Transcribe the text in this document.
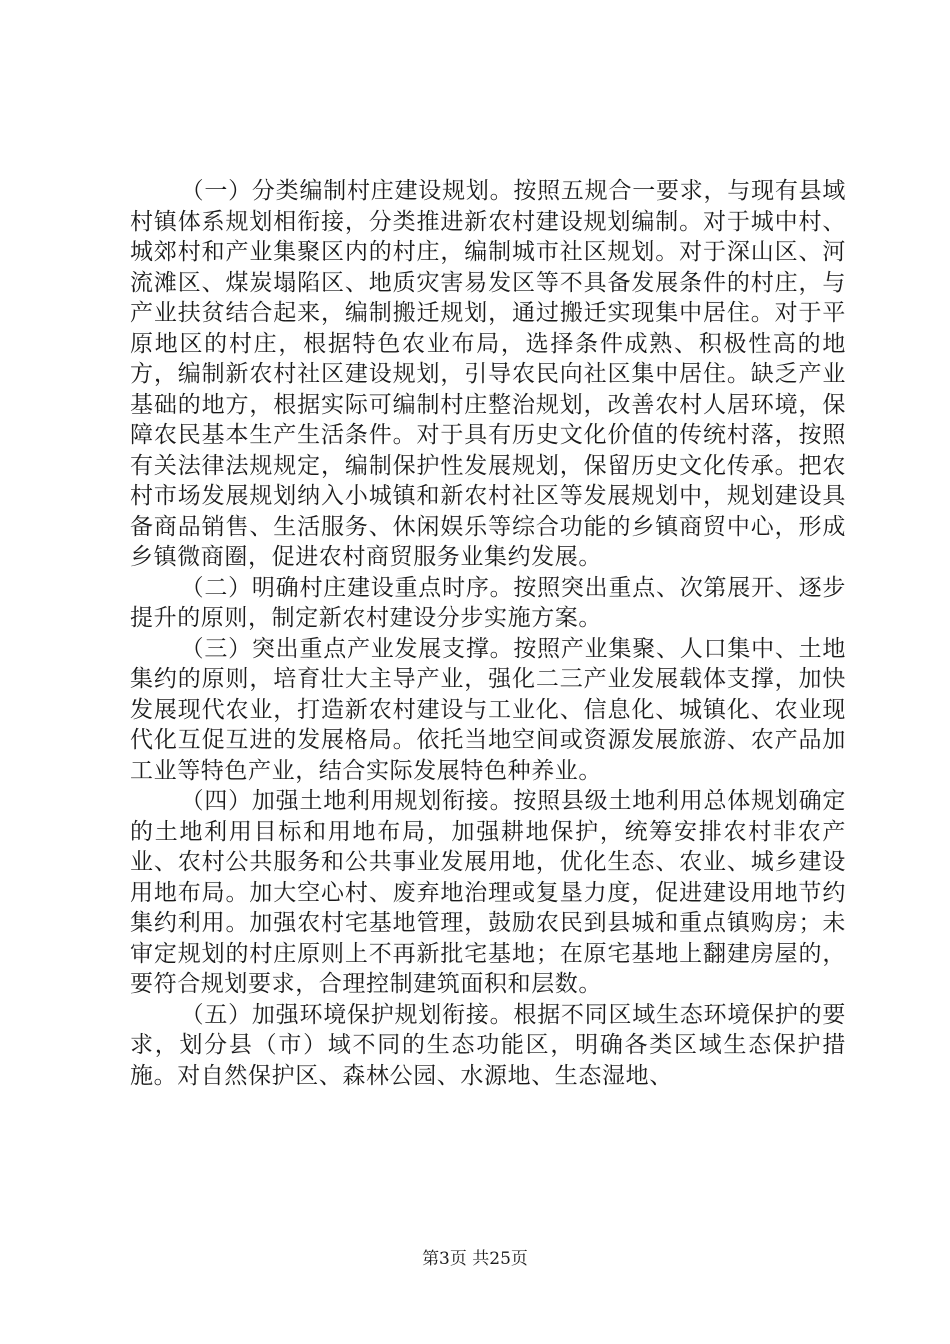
（一）分类编制村庄建设规划。按照五规合一要求，与现有县域村镇体系规划相衔接，分类推进新农村建设规划编制。对于城中村、城郊村和产业集聚区内的村庄，编制城市社区规划。对于深山区、河流滩区、煤炭塌陷区、地质灾害易发区等不具备发展条件的村庄，与产业扶贫结合起来，编制搬迁规划，通过搬迁实现集中居住。对于平原地区的村庄，根据特色农业布局，选择条件成熟、积极性高的地方，编制新农村社区建设规划，引导农民向社区集中居住。缺乏产业基础的地方，根据实际可编制村庄整治规划，改善农村人居环境，保障农民基本生产生活条件。对于具有历史文化价值的传统村落，按照有关法律法规规定，编制保护性发展规划，保留历史文化传承。把农村市场发展规划纳入小城镇和新农村社区等发展规划中，规划建设具备商品销售、生活服务、休闲娱乐等综合功能的乡镇商贸中心，形成乡镇微商圈，促进农村商贸服务业集约发展。

（二）明确村庄建设重点时序。按照突出重点、次第展开、逐步提升的原则，制定新农村建设分步实施方案。

（三）突出重点产业发展支撑。按照产业集聚、人口集中、土地集约的原则，培育壮大主导产业，强化二三产业发展载体支撑，加快发展现代农业，打造新农村建设与工业化、信息化、城镇化、农业现代化互促互进的发展格局。依托当地空间或资源发展旅游、农产品加工业等特色产业，结合实际发展特色种养业。

（四）加强土地利用规划衔接。按照县级土地利用总体规划确定的土地利用目标和用地布局，加强耕地保护，统筹安排农村非农产业、农村公共服务和公共事业发展用地，优化生态、农业、城乡建设用地布局。加大空心村、废弃地治理或复垦力度，促进建设用地节约集约利用。加强农村宅基地管理，鼓励农民到县城和重点镇购房；未审定规划的村庄原则上不再新批宅基地；在原宅基地上翻建房屋的，要符合规划要求，合理控制建筑面积和层数。

（五）加强环境保护规划衔接。根据不同区域生态环境保护的要求，划分县（市）域不同的生态功能区，明确各类区域生态保护措施。对自然保护区、森林公园、水源地、生态湿地、

第3页 共25页
